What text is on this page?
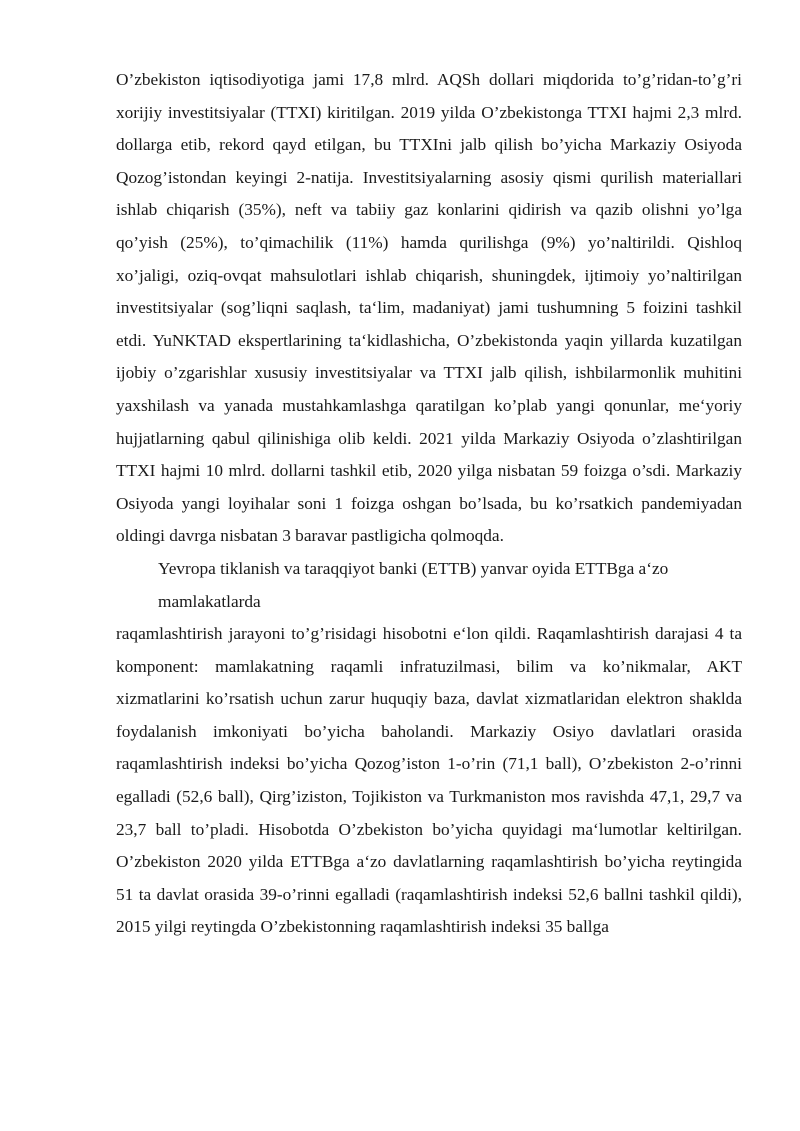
O’zbekiston iqtisodiyotiga jami 17,8 mlrd. AQSh dollari miqdorida to’g’ridan-to’g’ri xorijiy investitsiyalar (TTXI) kiritilgan. 2019 yilda O’zbekistonga TTXI hajmi 2,3 mlrd. dollarga etib, rekord qayd etilgan, bu TTXIni jalb qilish bo’yicha Markaziy Osiyoda Qozog’istondan keyingi 2-natija. Investitsiyalarning asosiy qismi qurilish materiallari ishlab chiqarish (35%), neft va tabiiy gaz konlarini qidirish va qazib olishni yo’lga qo’yish (25%), to’qimachilik (11%) hamda qurilishga (9%) yo’naltirildi. Qishloq xo’jaligi, oziq-ovqat mahsulotlari ishlab chiqarish, shuningdek, ijtimoiy yo’naltirilgan investitsiyalar (sog’liqni saqlash, ta‘lim, madaniyat) jami tushumning 5 foizini tashkil etdi. YuNKTAD ekspertlarining ta‘kidlashicha, O’zbekistonda yaqin yillarda kuzatilgan ijobiy o’zgarishlar xususiy investitsiyalar va TTXI jalb qilish, ishbilarmonlik muhitini yaxshilash va yanada mustahkamlashga qaratilgan ko’plab yangi qonunlar, me‘yoriy hujjatlarning qabul qilinishiga olib keldi. 2021 yilda Markaziy Osiyoda o’zlashtirilgan TTXI hajmi 10 mlrd. dollarni tashkil etib, 2020 yilga nisbatan 59 foizga o’sdi. Markaziy Osiyoda yangi loyihalar soni 1 foizga oshgan bo’lsada, bu ko’rsatkich pandemiyadan oldingi davrga nisbatan 3 baravar pastligicha qolmoqda.

Yevropa tiklanish va taraqqiyot banki (ETTB) yanvar oyida ETTBga a‘zo mamlakatlarda

raqamlashtirish jarayoni to’g’risidagi hisobotni e‘lon qildi. Raqamlashtirish darajasi 4 ta komponent: mamlakatning raqamli infratuzilmasi, bilim va ko’nikmalar, AKT xizmatlarini ko’rsatish uchun zarur huquqiy baza, davlat xizmatlaridan elektron shaklda foydalanish imkoniyati bo’yicha baholandi. Markaziy Osiyo davlatlari orasida raqamlashtirish indeksi bo’yicha Qozog’iston 1-o’rin (71,1 ball), O’zbekiston 2-o’rinni egalladi (52,6 ball), Qirg’iziston, Tojikiston va Turkmaniston mos ravishda 47,1, 29,7 va 23,7 ball to’pladi. Hisobotda O’zbekiston bo’yicha quyidagi ma‘lumotlar keltirilgan. O’zbekiston 2020 yilda ETTBga a‘zo davlatlarning raqamlashtirish bo’yicha reytingida 51 ta davlat orasida 39-o’rinni egalladi (raqamlashtirish indeksi 52,6 ballni tashkil qildi), 2015 yilgi reytingda O’zbekistonning raqamlashtirish indeksi 35 ballga
